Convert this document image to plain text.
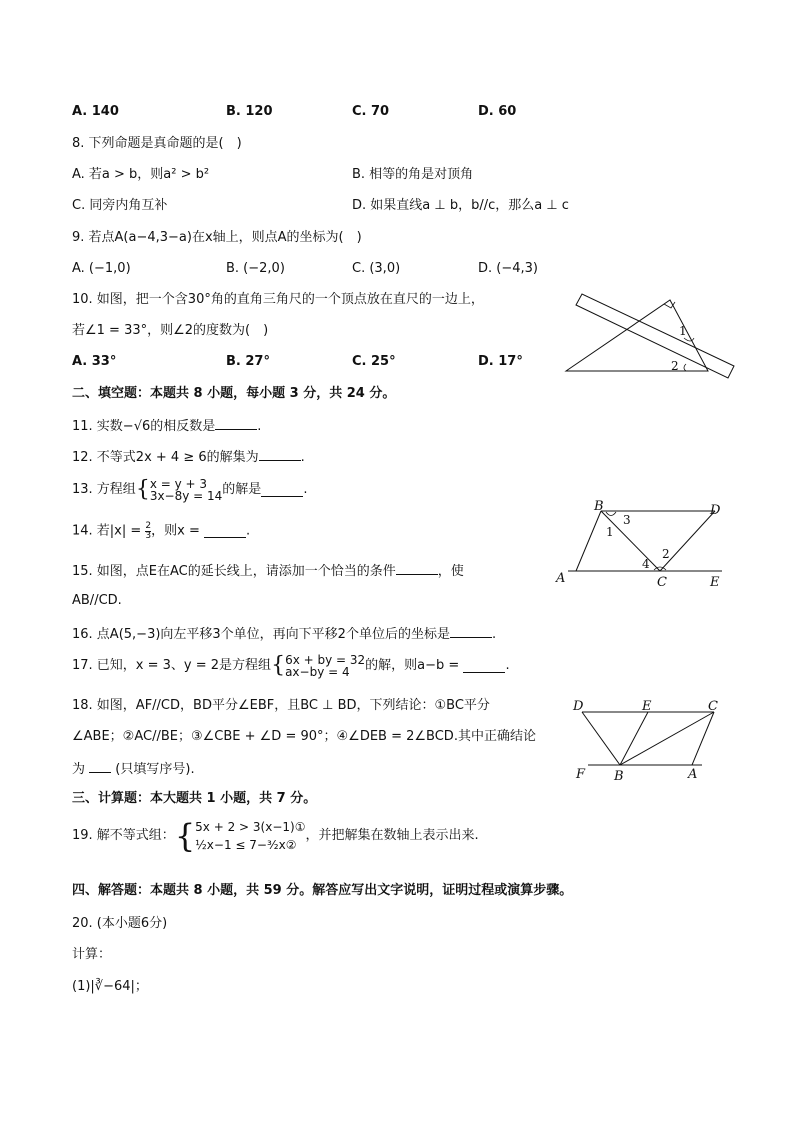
A. 140	B. 120	C. 70	D. 60
8. 下列命题是真命题的是(　)
A. 若a > b，则a² > b²	B. 相等的角是对顶角
C. 同旁内角互补	D. 如果直线a ⊥ b，b//c，那么a ⊥ c
9. 若点A(a−4,3−a)在x轴上，则点A的坐标为(　)
A. (−1,0)	B. (−2,0)	C. (3,0)	D. (−4,3)
10. 如图，把一个含30°角的直角三角尺的一个顶点放在直尺的一边上，
若∠1 = 33°，则∠2的度数为(　)
A. 33°	B. 27°	C. 25°	D. 17°
1
2
二、填空题：本题共 8 小题，每小题 3 分，共 24 分。
11. 实数−√6的相反数是	.
12. 不等式2x + 4 ≥ 6的解集为	.
13. 方程组{ x = y + 3
3x−8y = 14 的解是	.
14. 若$|x| = \frac{2}{3}$ ，则x =	.
15. 如图，点E在AC的延长线上，请添加一个恰当的条件	，使
AB//CD.
B	D
3
1
2
4
A	C	E
16. 点A(5,−3)向左平移3个单位，再向下平移2个单位后的坐标是	.
17. 已知，x = 3、y = 2是方程组{ 6x + by = 32
ax−by = 4	的解，则a−b =	.
18. 如图，AF//CD，BD平分∠EBF，且BC ⊥ BD，下列结论：①BC平分
∠ABE；②AC//BE；③∠CBE + ∠D = 90°；④∠DEB = 2∠BCD.其中正确结论
为 (只填写序号).
D	E	C
F B	A
三、计算题：本大题共 1 小题，共 7 分。
19. 解不等式组：{ 5x + 2 > 3(x−1)①
½x−1 ≤ 7−³⁄₂x②
，并把解集在数轴上表示出来.
四、解答题：本题共 8 小题，共 59 分。解答应写出文字说明，证明过程或演算步骤。
20. (本小题6分)
计算：
(1)|∛−64|；
